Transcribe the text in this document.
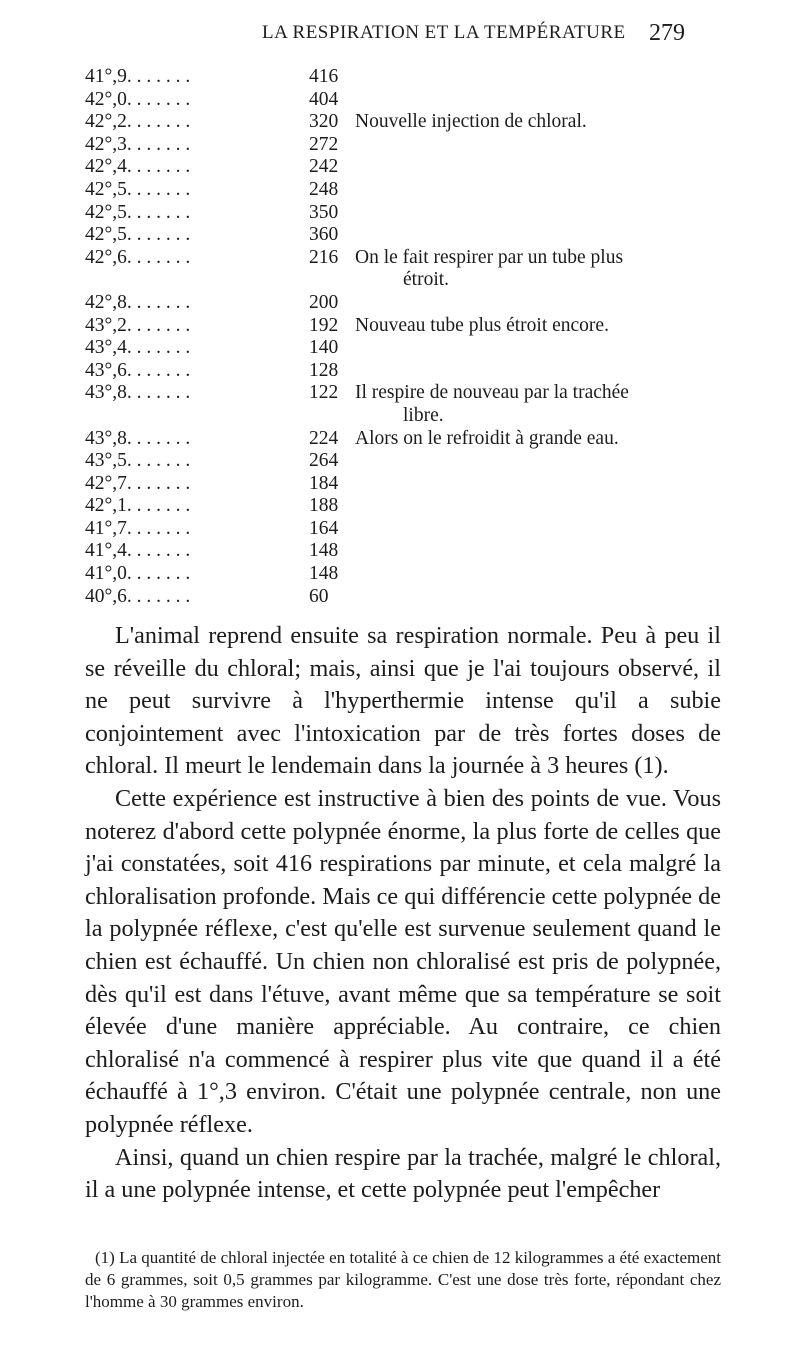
LA RESPIRATION ET LA TEMPÉRATURE 279
41°,9. . . . . . .	416
42°,0. . . . . . .	404
42°,2. . . . . . .	320 Nouvelle injection de chloral.
42°,3. . . . . . .	272
42°,4. . . . . . .	242
42°,5. . . . . . .	248
42°,5. . . . . . .	350
42°,5. . . . . . .	360
42°,6. . . . . . .	216 On le fait respirer par un tube plus
étroit.
42°,8. . . . . . .	200
43°,2. . . . . . .	192 Nouveau tube plus étroit encore.
43°,4. . . . . . .	140
43°,6. . . . . . .	128
43°,8. . . . . . .	122 Il respire de nouveau par la trachée
libre.
43°,8. . . . . . .	224 Alors on le refroidit à grande eau.
43°,5. . . . . . .	264
42°,7. . . . . . .	184
42°,1. . . . . . .	188
41°,7. . . . . . .	164
41°,4. . . . . . .	148
41°,0. . . . . . .	148
40°,6. . . . . . .	60

L'animal reprend ensuite sa respiration normale. Peu à peu il se réveille du chloral; mais, ainsi que je l'ai toujours observé, il ne peut survivre à l'hyperthermie intense qu'il a subie conjointement avec l'intoxication par de très fortes doses de chloral. Il meurt le lendemain dans la journée à 3 heures (1).

Cette expérience est instructive à bien des points de vue. Vous noterez d'abord cette polypnée énorme, la plus forte de celles que j'ai constatées, soit 416 respirations par minute, et cela malgré la chloralisation profonde. Mais ce qui différencie cette polypnée de la polypnée réflexe, c'est qu'elle est survenue seulement quand le chien est échauffé. Un chien non chloralisé est pris de polypnée, dès qu'il est dans l'étuve, avant même que sa température se soit élevée d'une manière appréciable. Au contraire, ce chien chloralisé n'a commencé à respirer plus vite que quand il a été échauffé à 1°,3 environ. C'était une polypnée centrale, non une polypnée réflexe.

Ainsi, quand un chien respire par la trachée, malgré le chloral, il a une polypnée intense, et cette polypnée peut l'empêcher

(1) La quantité de chloral injectée en totalité à ce chien de 12 kilogrammes a été exactement de 6 grammes, soit 0,5 grammes par kilogramme. C'est une dose très forte, répondant chez l'homme à 30 grammes environ.
